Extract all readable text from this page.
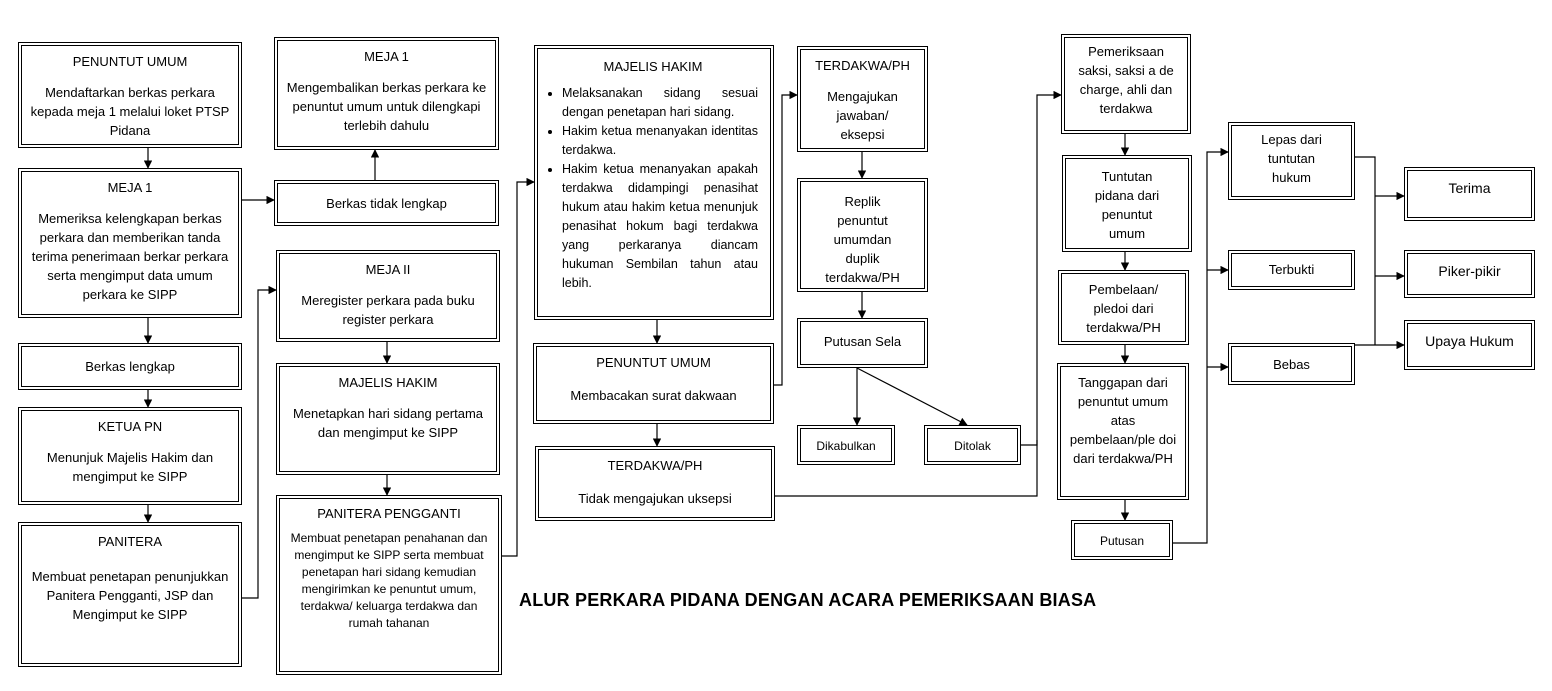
PENUNTUT UMUM
Mendaftarkan berkas perkara kepada meja 1 melalui loket PTSP Pidana
MEJA 1
Memeriksa kelengkapan berkas perkara dan memberikan tanda terima penerimaan berkar perkara serta mengimput data umum perkara ke SIPP
Berkas lengkap
KETUA PN
Menunjuk Majelis Hakim dan mengimput ke SIPP
PANITERA
Membuat penetapan penunjukkan Panitera Pengganti, JSP dan Mengimput ke SIPP
MEJA 1
Mengembalikan berkas perkara ke penuntut umum untuk dilengkapi terlebih dahulu
Berkas tidak lengkap
MEJA II
Meregister perkara pada buku register perkara
MAJELIS HAKIM
Menetapkan hari sidang pertama dan mengimput ke SIPP
PANITERA PENGGANTI
Membuat penetapan penahanan dan mengimput ke SIPP serta membuat penetapan hari sidang kemudian mengirimkan ke penuntut umum, terdakwa/ keluarga terdakwa dan rumah tahanan
MAJELIS HAKIM
• Melaksanakan sidang sesuai dengan penetapan hari sidang.
• Hakim ketua menanyakan identitas terdakwa.
• Hakim ketua menanyakan apakah terdakwa didampingi penasihat hukum atau hakim ketua menunjuk penasihat hokum bagi terdakwa yang perkaranya diancam hukuman Sembilan tahun atau lebih.
PENUNTUT UMUM
Membacakan surat dakwaan
TERDAKWA/PH
Tidak mengajukan uksepsi
TERDAKWA/PH
Mengajukan jawaban/ eksepsi
Replik penuntut umumdan duplik terdakwa/PH
Putusan Sela
Dikabulkan	Ditolak
Pemeriksaan saksi, saksi a de charge, ahli dan terdakwa
Tuntutan pidana dari penuntut umum
Pembelaan/ pledoi dari terdakwa/PH
Tanggapan dari penuntut umum atas pembelaan/ple doi dari terdakwa/PH
Putusan
Lepas dari tuntutan hukum
Terbukti
Bebas
Terima
Piker-pikir
Upaya Hukum
ALUR PERKARA PIDANA DENGAN ACARA PEMERIKSAAN BIASA
